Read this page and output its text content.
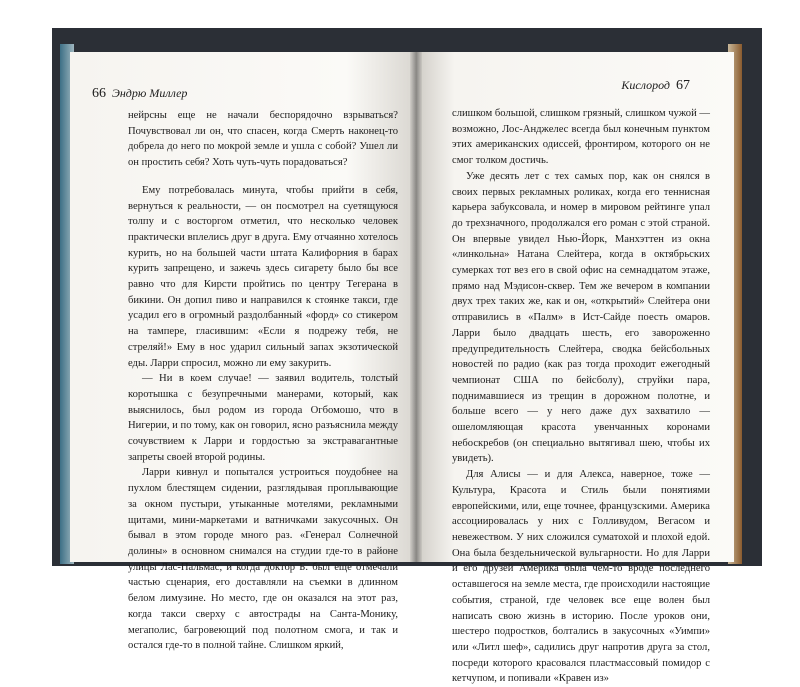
66 Эндрю Миллер

нейрсны еще не начали беспорядочно взрываться? Почувствовал ли он, что спасен, когда Смерть наконец-то добрела до него по мокрой земле и ушла с собой? Ушел ли он простить себя? Хоть чуть-чуть порадоваться?

Ему потребовалась минута, чтобы прийти в себя, вернуться к реальности, — он посмотрел на суетящуюся толпу и с восторгом отметил, что несколько человек практически вплелись друг в друга. Ему отчаянно хотелось курить, но на большей части штата Калифорния в барах курить запрещено, и зажечь здесь сигарету было бы все равно что для Кирсти пройтись по центру Тегерана в бикини. Он допил пиво и направился к стоянке такси, где усадил его в огромный раздолбанный «форд» со стикером на тампере, гласившим: «Если я подрежу тебя, не стреляй!» Ему в нос ударил сильный запах экзотической еды. Ларри спросил, можно ли ему закурить.

— Ни в коем случае! — заявил водитель, толстый коротышка с безупречными манерами, который, как выяснилось, был родом из города Огбомошо, что в Нигерии, и по тому, как он говорил, ясно разъяснила между сочувствием к Ларри и гордостью за экстравагантные запреты своей второй родины.

Ларри кивнул и попытался устроиться поудобнее на пухлом блестящем сидении, разглядывая проплывающие за окном пустыри, утыканные мотелями, рекламными щитами, мини-маркетами и ватничками закусочных. Он бывал в этом городе много раз. «Генерал Солнечной долины» в основном снимался на студии где-то в районе улицы Лас-Пальмас, и когда доктор Б. был еще отмечали частью сценария, его доставляли на съемки в длинном белом лимузине. Но место, где он оказался на этот раз, когда такси сверху с автострады на Санта-Монику, мегаполис, багровеющий под полотном смога, и так и остался где-то в полной тайне. Слишком яркий,

Кислород 67

слишком большой, слишком грязный, слишком чужой — возможно, Лос-Анджелес всегда был конечным пунктом этих американских одиссей, фронтиром, которого он не смог толком достичь.

Уже десять лет с тех самых пор, как он снялся в своих первых рекламных роликах, когда его теннисная карьера забуксовала, и номер в мировом рейтинге упал до трехзначного, продолжался его роман с этой страной. Он впервые увидел Нью-Йорк, Манхэттен из окна «линкольна» Натана Слейтера, когда в октябрьских сумерках тот вез его в свой офис на семнадцатом этаже, прямо над Мэдисон-сквер. Тем же вечером в компании двух трех таких же, как и он, «открытий» Слейтера они отправились в «Палм» в Ист-Сайде поесть омаров. Ларри было двадцать шесть, его завороженно предупредительность Слейтера, сводка бейсбольных новостей по радио (как раз тогда проходит ежегодный чемпионат США по бейсболу), струйки пара, поднимавшиеся из трещин в дорожном полотне, и больше всего — у него даже дух захватило — ошеломляющая красота увенчанных коронами небоскребов (он специально вытягивал шею, чтобы их увидеть).

Для Алисы — и для Алекса, наверное, тоже — Культура, Красота и Стиль были понятиями европейскими, или, еще точнее, французскими. Америка ассоциировалась у них с Голливудом, Вегасом и невежеством. У них сложился суматохой и плохой едой. Она была бездельнической вульгарности. Но для Ларри и его друзей Америка была чем-то вроде последнего оставшегося на земле места, где происходили настоящие события, страной, где человек все еще волен был написать свою жизнь в историю. После уроков они, шестеро подростков, болтались в закусочных «Уимпи» или «Литл шеф», садились друг напротив друга за стол, посреди которого красовался пластмассовый помидор с кетчупом, и попивали «Кравен из»
